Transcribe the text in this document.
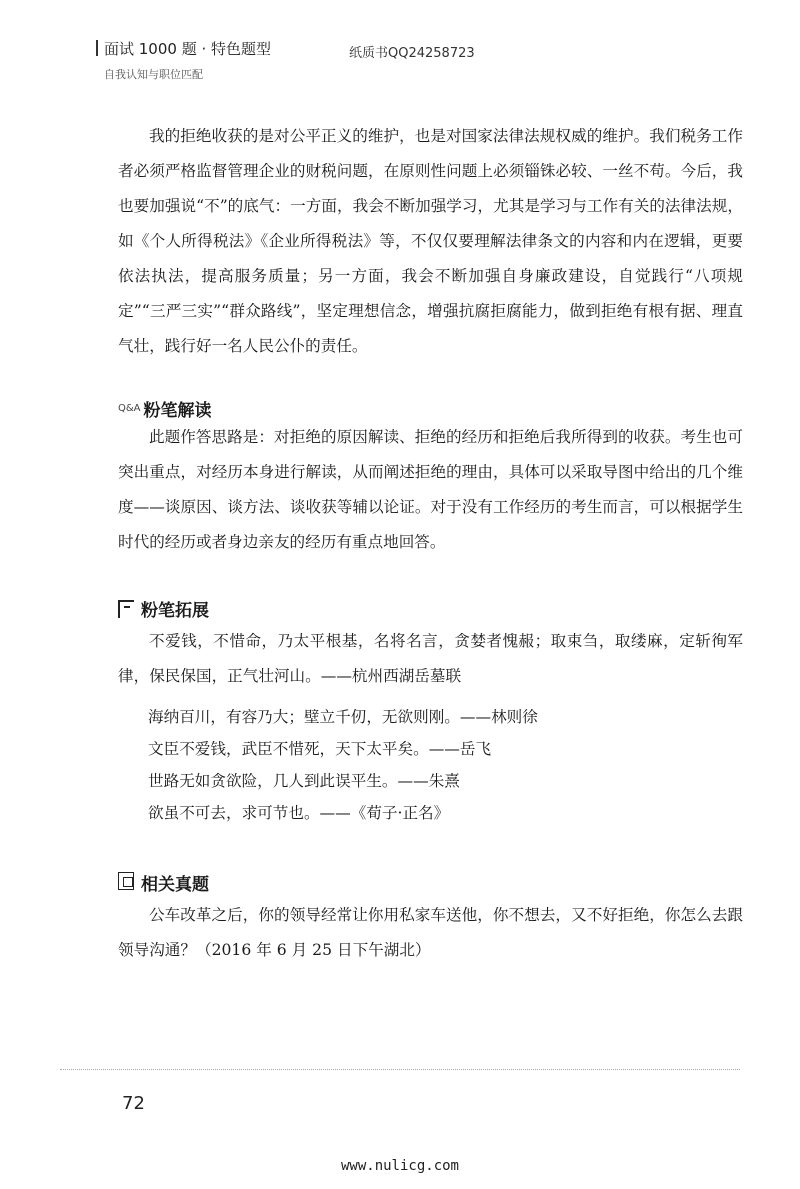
面试 1000 题 · 特色题型
自我认知与职位匹配
纸质书QQ24258723
我的拒绝收获的是对公平正义的维护，也是对国家法律法规权威的维护。我们税务工作者必须严格监督管理企业的财税问题，在原则性问题上必须锱铢必较、一丝不苟。今后，我也要加强说“不”的底气：一方面，我会不断加强学习，尤其是学习与工作有关的法律法规，如《个人所得税法》《企业所得税法》等，不仅仅要理解法律条文的内容和内在逻辑，更要依法执法，提高服务质量；另一方面，我会不断加强自身廉政建设，自觉践行“八项规定”“三严三实”“群众路线”，坚定理想信念，增强抗腐拒腐能力，做到拒绝有根有据、理直气壮，践行好一名人民公仆的责任。
Q&A 粉笔解读
此题作答思路是：对拒绝的原因解读、拒绝的经历和拒绝后我所得到的收获。考生也可突出重点，对经历本身进行解读，从而阐述拒绝的理由，具体可以采取导图中给出的几个维度——谈原因、谈方法、谈收获等辅以论证。对于没有工作经历的考生而言，可以根据学生时代的经历或者身边亲友的经历有重点地回答。
粉笔拓展
不爱钱，不惜命，乃太平根基，名将名言，贪婪者愧赧；取束刍，取缕麻，定斩徇军律，保民保国，正气壮河山。——杭州西湖岳墓联
海纳百川，有容乃大；壁立千仞，无欲则刚。——林则徐
文臣不爱钱，武臣不惜死，天下太平矣。——岳飞
世路无如贪欲险，几人到此误平生。——朱熹
欲虽不可去，求可节也。——《荀子·正名》
相关真题
公车改革之后，你的领导经常让你用私家车送他，你不想去，又不好拒绝，你怎么去跟领导沟通？（2016 年 6 月 25 日下午湖北）
72
www.nulicg.com
